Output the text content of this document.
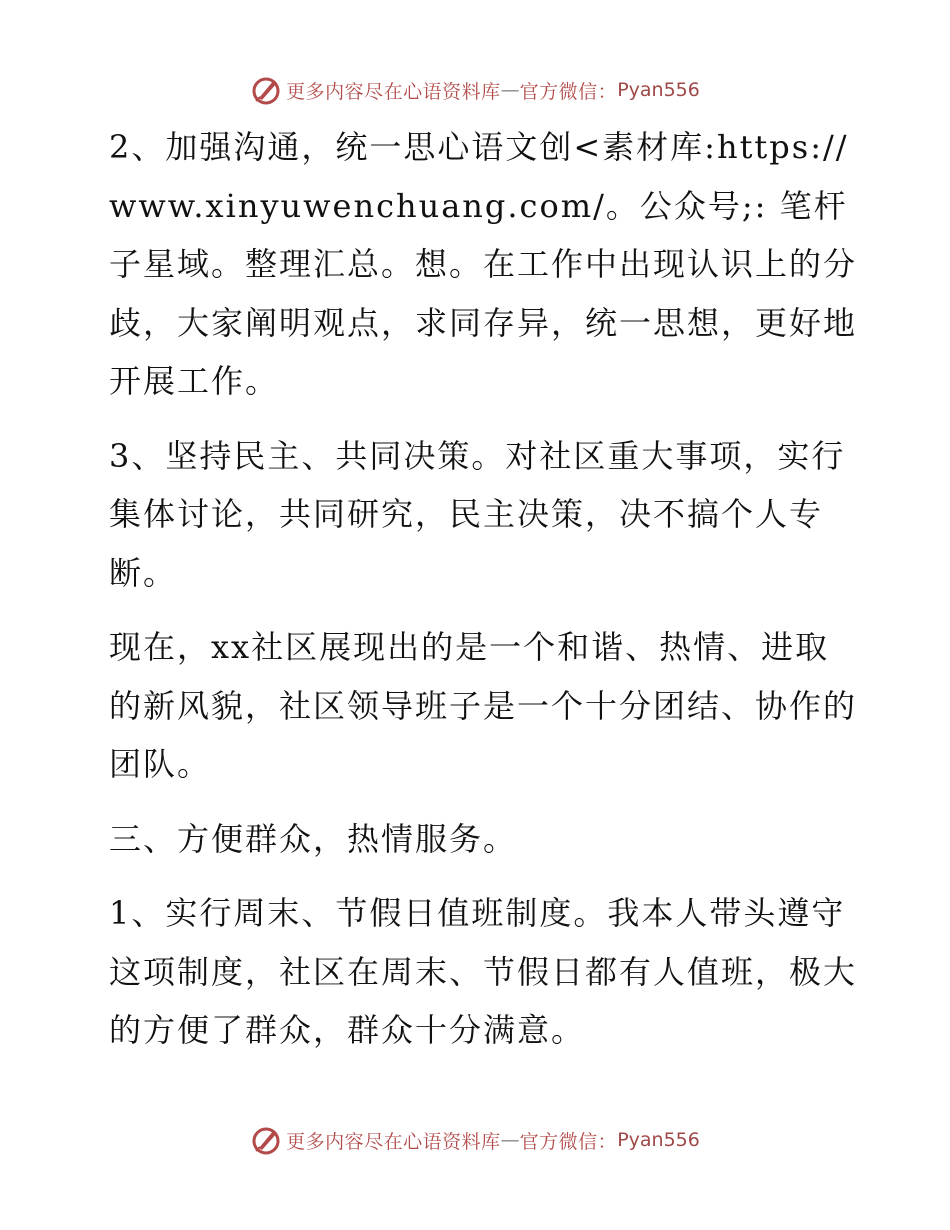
更多内容尽在心语资料库 — 官方微信： Pyan556

2、加强沟通，统一思心语文创<素材库:https://www.xinyuwenchuang.com/。公众号;: 笔杆子星域。整理汇总。想。在工作中出现认识上的分歧，大家阐明观点，求同存异，统一思想，更好地开展工作。

3、坚持民主、共同决策。对社区重大事项，实行集体讨论，共同研究，民主决策，决不搞个人专断。

现在，xx社区展现出的是一个和谐、热情、进取的新风貌，社区领导班子是一个十分团结、协作的团队。

三、方便群众，热情服务。

1、实行周末、节假日值班制度。我本人带头遵守这项制度，社区在周末、节假日都有人值班，极大的方便了群众，群众十分满意。

更多内容尽在心语资料库 — 官方微信： Pyan556
